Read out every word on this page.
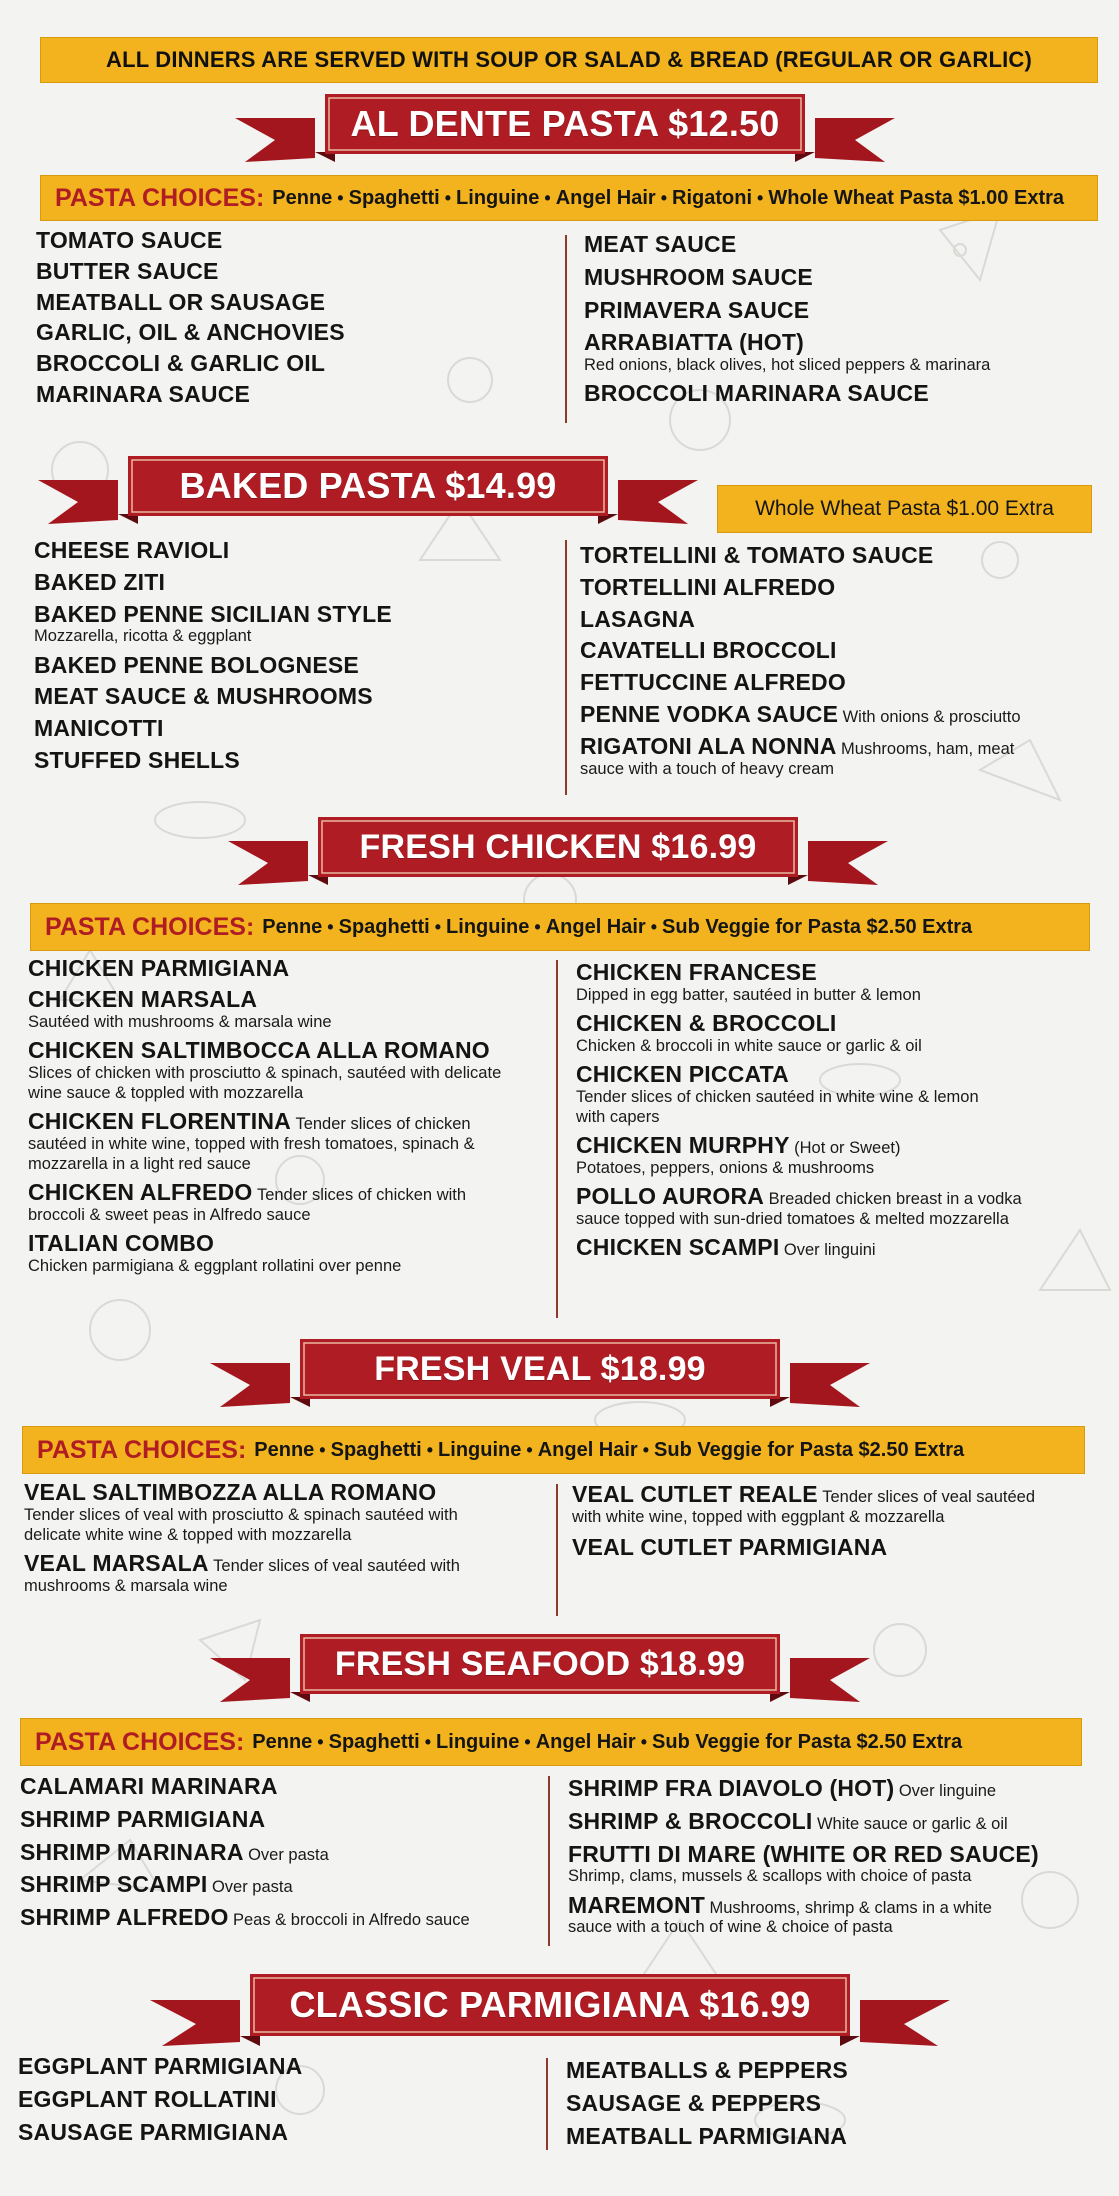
ALL DINNERS ARE SERVED WITH SOUP OR SALAD & BREAD (REGULAR OR GARLIC)
AL DENTE PASTA $12.50
PASTA CHOICES: Penne • Spaghetti • Linguine • Angel Hair • Rigatoni • Whole Wheat Pasta $1.00 Extra
TOMATO SAUCE
BUTTER SAUCE
MEATBALL OR SAUSAGE
GARLIC, OIL & ANCHOVIES
BROCCOLI & GARLIC OIL
MARINARA SAUCE
MEAT SAUCE
MUSHROOM SAUCE
PRIMAVERA SAUCE
ARRABIATTA (HOT)
Red onions, black olives, hot sliced peppers & marinara
BROCCOLI MARINARA SAUCE
BAKED PASTA $14.99
Whole Wheat Pasta $1.00 Extra
CHEESE RAVIOLI
BAKED ZITI
BAKED PENNE SICILIAN STYLE
Mozzarella, ricotta & eggplant
BAKED PENNE BOLOGNESE
MEAT SAUCE & MUSHROOMS
MANICOTTI
STUFFED SHELLS
TORTELLINI & TOMATO SAUCE
TORTELLINI ALFREDO
LASAGNA
CAVATELLI BROCCOLI
FETTUCCINE ALFREDO
PENNE VODKA SAUCE With onions & prosciutto
RIGATONI ALA NONNA Mushrooms, ham, meat
sauce with a touch of heavy cream
FRESH CHICKEN $16.99
PASTA CHOICES: Penne • Spaghetti • Linguine • Angel Hair • Sub Veggie for Pasta $2.50 Extra
CHICKEN PARMIGIANA
CHICKEN MARSALA
Sautéed with mushrooms & marsala wine
CHICKEN SALTIMBOCCA ALLA ROMANO
Slices of chicken with prosciutto & spinach, sautéed with delicate wine sauce & toppled with mozzarella
CHICKEN FLORENTINA Tender slices of chicken
sautéed in white wine, topped with fresh tomatoes, spinach & mozzarella in a light red sauce
CHICKEN ALFREDO Tender slices of chicken with
broccoli & sweet peas in Alfredo sauce
ITALIAN COMBO
Chicken parmigiana & eggplant rollatini over penne
CHICKEN FRANCESE
Dipped in egg batter, sautéed in butter & lemon
CHICKEN & BROCCOLI
Chicken & broccoli in white sauce or garlic & oil
CHICKEN PICCATA
Tender slices of chicken sautéed in white wine & lemon with capers
CHICKEN MURPHY (Hot or Sweet)
Potatoes, peppers, onions & mushrooms
POLLO AURORA Breaded chicken breast in a vodka
sauce topped with sun-dried tomatoes & melted mozzarella
CHICKEN SCAMPI Over linguini
FRESH VEAL $18.99
PASTA CHOICES: Penne • Spaghetti • Linguine • Angel Hair • Sub Veggie for Pasta $2.50 Extra
VEAL SALTIMBOZZA ALLA ROMANO
Tender slices of veal with prosciutto & spinach sautéed with delicate white wine & topped with mozzarella
VEAL MARSALA Tender slices of veal sautéed with
mushrooms & marsala wine
VEAL CUTLET REALE Tender slices of veal sautéed
with white wine, topped with eggplant & mozzarella
VEAL CUTLET PARMIGIANA
FRESH SEAFOOD $18.99
PASTA CHOICES: Penne • Spaghetti • Linguine • Angel Hair • Sub Veggie for Pasta $2.50 Extra
CALAMARI MARINARA
SHRIMP PARMIGIANA
SHRIMP MARINARA Over pasta
SHRIMP SCAMPI Over pasta
SHRIMP ALFREDO Peas & broccoli in Alfredo sauce
SHRIMP FRA DIAVOLO (HOT) Over linguine
SHRIMP & BROCCOLI White sauce or garlic & oil
FRUTTI DI MARE (WHITE OR RED SAUCE)
Shrimp, clams, mussels & scallops with choice of pasta
MAREMONT Mushrooms, shrimp & clams in a white
sauce with a touch of wine & choice of pasta
CLASSIC PARMIGIANA $16.99
EGGPLANT PARMIGIANA
EGGPLANT ROLLATINI
SAUSAGE PARMIGIANA
MEATBALLS & PEPPERS
SAUSAGE & PEPPERS
MEATBALL PARMIGIANA
